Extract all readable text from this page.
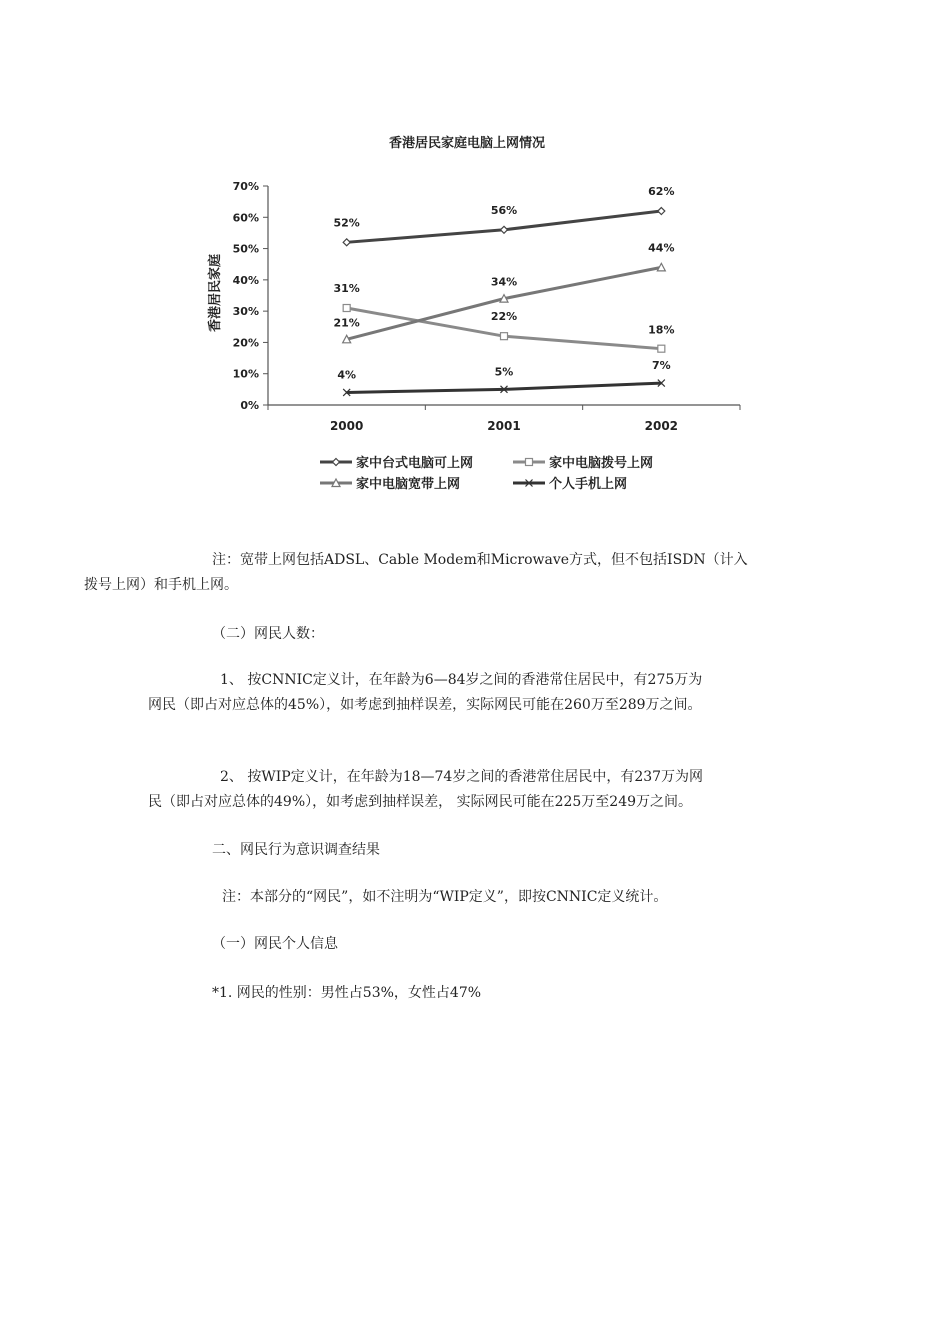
香港居民家庭电脑上网情况
香港居民家庭
70%
60%
50%
40%
30%
20%
10%
0%
2000	2001	2002
52%
56%
62%
31%
22%
18%
21%
34%
44%
4%	5%	7%
家中台式电脑可上网	家中电脑拨号上网
家中电脑宽带上网	个人手机上网

注：宽带上网包括ADSL、Cable Modem和Microwave方式，但不包括ISDN（计入
拨号上网）和手机上网。

（二）网民人数：

1、 按CNNIC定义计，在年龄为6—84岁之间的香港常住居民中，有275万为
网民（即占对应总体的45%），如考虑到抽样误差，实际网民可能在260万至289万之间。

2、 按WIP定义计，在年龄为18—74岁之间的香港常住居民中，有237万为网
民（即占对应总体的49%），如考虑到抽样误差， 实际网民可能在225万至249万之间。

二、网民行为意识调查结果

注：本部分的“网民”，如不注明为“WIP定义”，即按CNNIC定义统计。

（一）网民个人信息

*1. 网民的性别：男性占53%，女性占47%
